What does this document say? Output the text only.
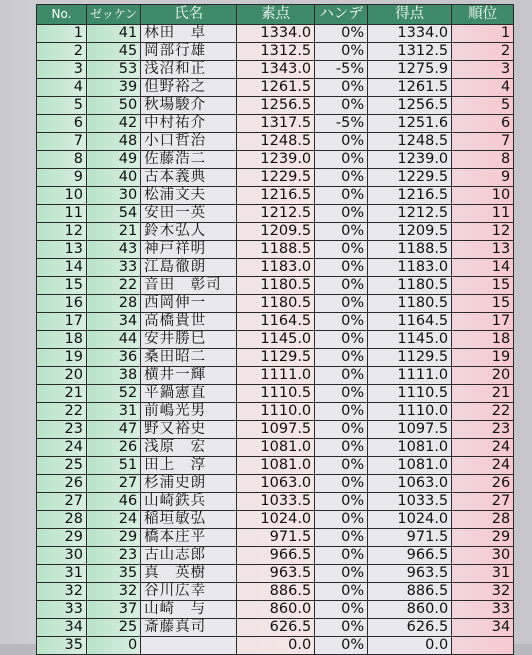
No.	ゼッケン	氏名	素点	ハンデ	得点	順位
1	41	林田　卓	1334.0	0%	1334.0	1
2	45	岡部行雄	1312.5	0%	1312.5	2
3	53	浅沼和正	1343.0	-5%	1275.9	3
4	39	但野裕之	1261.5	0%	1261.5	4
5	50	秋場駿介	1256.5	0%	1256.5	5
6	42	中村祐介	1317.5	-5%	1251.6	6
7	48	小口哲治	1248.5	0%	1248.5	7
8	49	佐藤浩二	1239.0	0%	1239.0	8
9	40	古本義典	1229.5	0%	1229.5	9
10	30	松浦文夫	1216.5	0%	1216.5	10
11	54	安田一英	1212.5	0%	1212.5	11
12	21	鈴木弘人	1209.5	0%	1209.5	12
13	43	神戸祥明	1188.5	0%	1188.5	13
14	33	江島徹朗	1183.0	0%	1183.0	14
15	22	音田　彰司	1180.5	0%	1180.5	15
16	28	西岡伸一	1180.5	0%	1180.5	15
17	34	高橋貴世	1164.5	0%	1164.5	17
18	44	安井勝巳	1145.0	0%	1145.0	18
19	36	桑田昭二	1129.5	0%	1129.5	19
20	38	横井一輝	1111.0	0%	1111.0	20
21	52	平鍋憲直	1110.5	0%	1110.5	21
22	31	前嶋光男	1110.0	0%	1110.0	22
23	47	野又裕史	1097.5	0%	1097.5	23
24	26	浅原　宏	1081.0	0%	1081.0	24
25	51	田上　淳	1081.0	0%	1081.0	24
26	27	杉浦史朗	1063.0	0%	1063.0	26
27	46	山崎鉄兵	1033.5	0%	1033.5	27
28	24	稲垣敏弘	1024.0	0%	1024.0	28
29	29	橋本庄平	971.5	0%	971.5	29
30	23	古山志郎	966.5	0%	966.5	30
31	35	真　英樹	963.5	0%	963.5	31
32	32	谷川広幸	886.5	0%	886.5	32
33	37	山崎　与	860.0	0%	860.0	33
34	25	斎藤真司	626.5	0%	626.5	34
35	0		0.0	0%	0.0	
